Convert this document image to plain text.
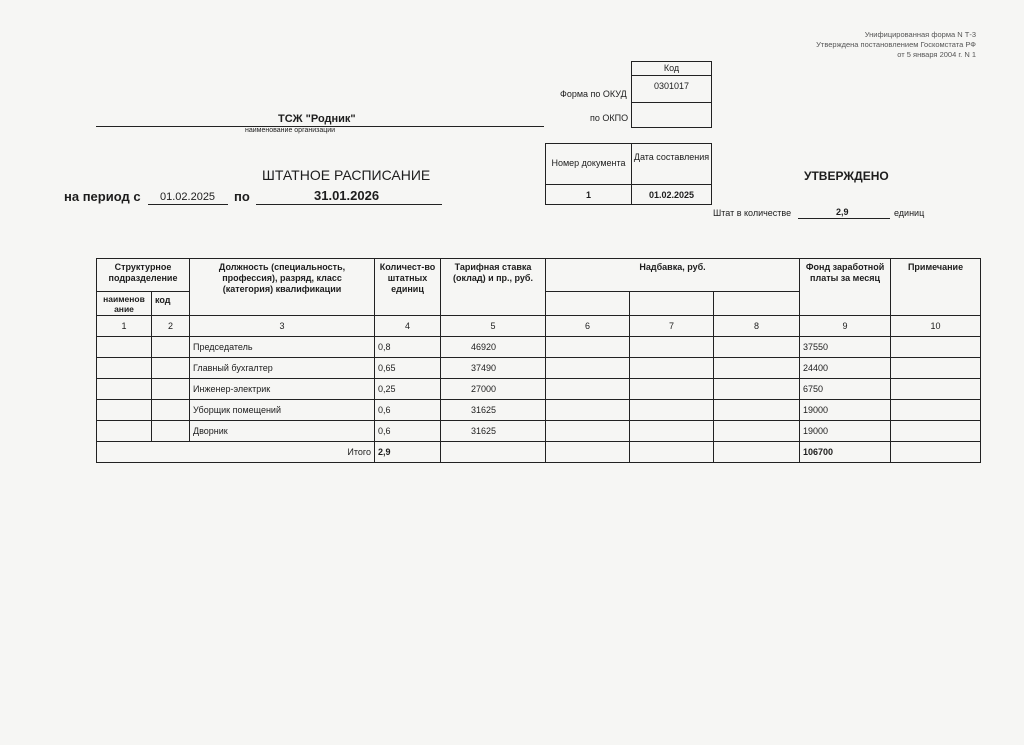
Унифицированная форма N Т-3
Утверждена постановлением Госкомстата РФ
от 5 января 2004 г. N 1
Код
0301017
Форма по ОКУД
по ОКПО
ТСЖ "Родник"
наименование организации
ШТАТНОЕ РАСПИСАНИЕ
на период с 01.02.2025 по	31.01.2026
Номер документа
Дата составления
1	01.02.2025
УТВЕРЖДЕНО
Штат в количестве	2,9	единиц
Структурное подразделение		Должность (специальность, профессия), разряд, класс (категория) квалификации	Количест-во штатных единиц	Тарифная ставка (оклад) и пр., руб.	Надбавка, руб.			Фонд заработной платы за месяц	Примечание
наименов ание	код								
1	2	3	4	5	6	7	8	9	10
		Председатель	0,8	46920				37550	
		Главный бухгалтер	0,65	37490				24400	
		Инженер-электрик	0,25	27000				6750	
		Уборщик помещений	0,6	31625				19000	
		Дворник	0,6	31625				19000	
Итого			2,9					106700	
